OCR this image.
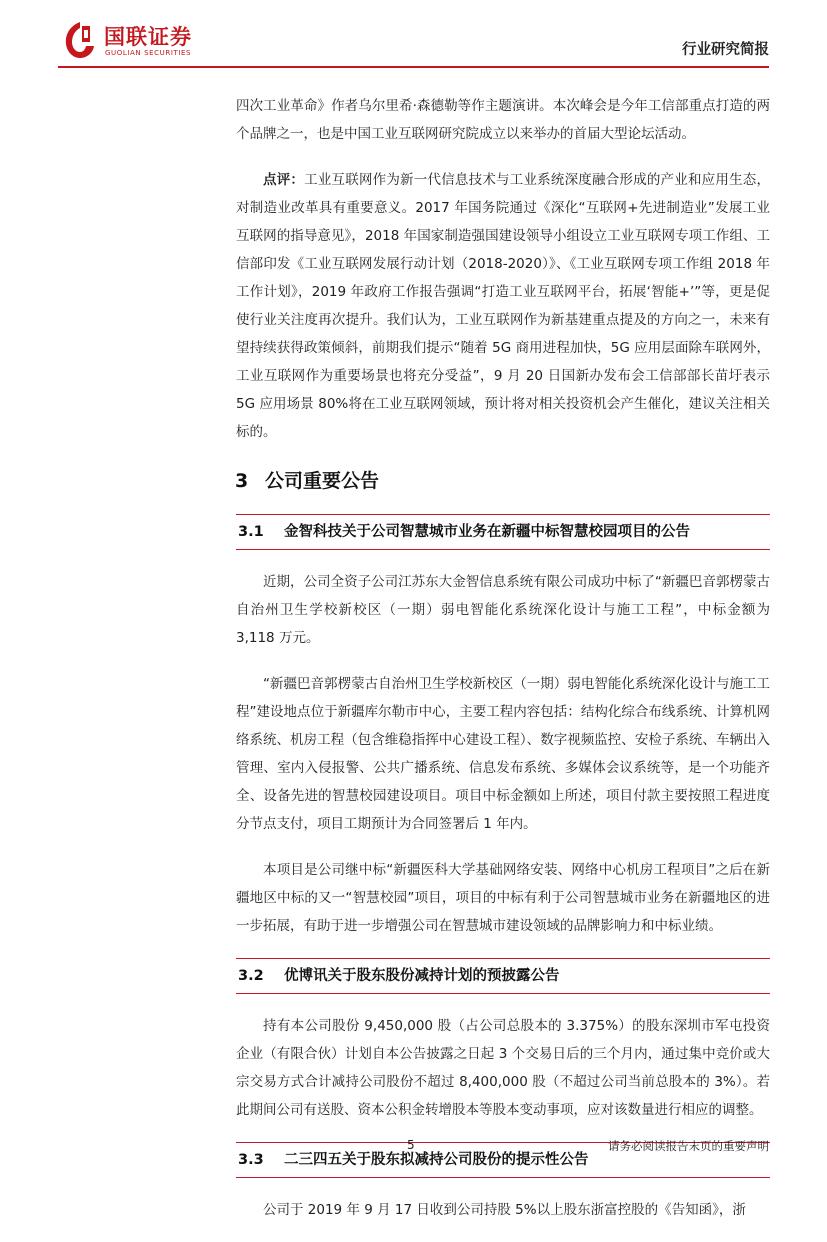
国联证券
GUOLIAN SECURITIES	行业研究简报

四次工业革命》作者乌尔里希·森德勒等作主题演讲。本次峰会是今年工信部重点打造的两个品牌之一，也是中国工业互联网研究院成立以来举办的首届大型论坛活动。

点评：工业互联网作为新一代信息技术与工业系统深度融合形成的产业和应用生态，对制造业改革具有重要意义。2017 年国务院通过《深化“互联网+先进制造业”发展工业互联网的指导意见》，2018 年国家制造强国建设领导小组设立工业互联网专项工作组、工信部印发《工业互联网发展行动计划（2018-2020）》、《工业互联网专项工作组 2018 年工作计划》，2019 年政府工作报告强调“打造工业互联网平台，拓展‘智能+’”等，更是促使行业关注度再次提升。我们认为，工业互联网作为新基建重点提及的方向之一，未来有望持续获得政策倾斜，前期我们提示“随着 5G 商用进程加快，5G 应用层面除车联网外，工业互联网作为重要场景也将充分受益”，9 月 20 日国新办发布会工信部部长苗圩表示 5G 应用场景 80%将在工业互联网领域，预计将对相关投资机会产生催化，建议关注相关标的。

3 公司重要公告
3.1 金智科技关于公司智慧城市业务在新疆中标智慧校园项目的公告

近期，公司全资子公司江苏东大金智信息系统有限公司成功中标了“新疆巴音郭楞蒙古自治州卫生学校新校区（一期）弱电智能化系统深化设计与施工工程”，中标金额为 3,118 万元。

“新疆巴音郭楞蒙古自治州卫生学校新校区（一期）弱电智能化系统深化设计与施工工程”建设地点位于新疆库尔勒市中心，主要工程内容包括：结构化综合布线系统、计算机网络系统、机房工程（包含维稳指挥中心建设工程）、数字视频监控、安检子系统、车辆出入管理、室内入侵报警、公共广播系统、信息发布系统、多媒体会议系统等，是一个功能齐全、设备先进的智慧校园建设项目。项目中标金额如上所述，项目付款主要按照工程进度分节点支付，项目工期预计为合同签署后 1 年内。

本项目是公司继中标“新疆医科大学基础网络安装、网络中心机房工程项目”之后在新疆地区中标的又一“智慧校园”项目，项目的中标有利于公司智慧城市业务在新疆地区的进一步拓展，有助于进一步增强公司在智慧城市建设领域的品牌影响力和中标业绩。

3.2 优博讯关于股东股份减持计划的预披露公告

持有本公司股份 9,450,000 股（占公司总股本的 3.375%）的股东深圳市军屯投资企业（有限合伙）计划自本公告披露之日起 3 个交易日后的三个月内，通过集中竞价或大宗交易方式合计减持公司股份不超过 8,400,000 股（不超过公司当前总股本的 3%）。若此期间公司有送股、资本公积金转增股本等股本变动事项，应对该数量进行相应的调整。

3.3 二三四五关于股东拟减持公司股份的提示性公告

公司于 2019 年 9 月 17 日收到公司持股 5%以上股东浙富控股的《告知函》，浙

5	请务必阅读报告末页的重要声明
